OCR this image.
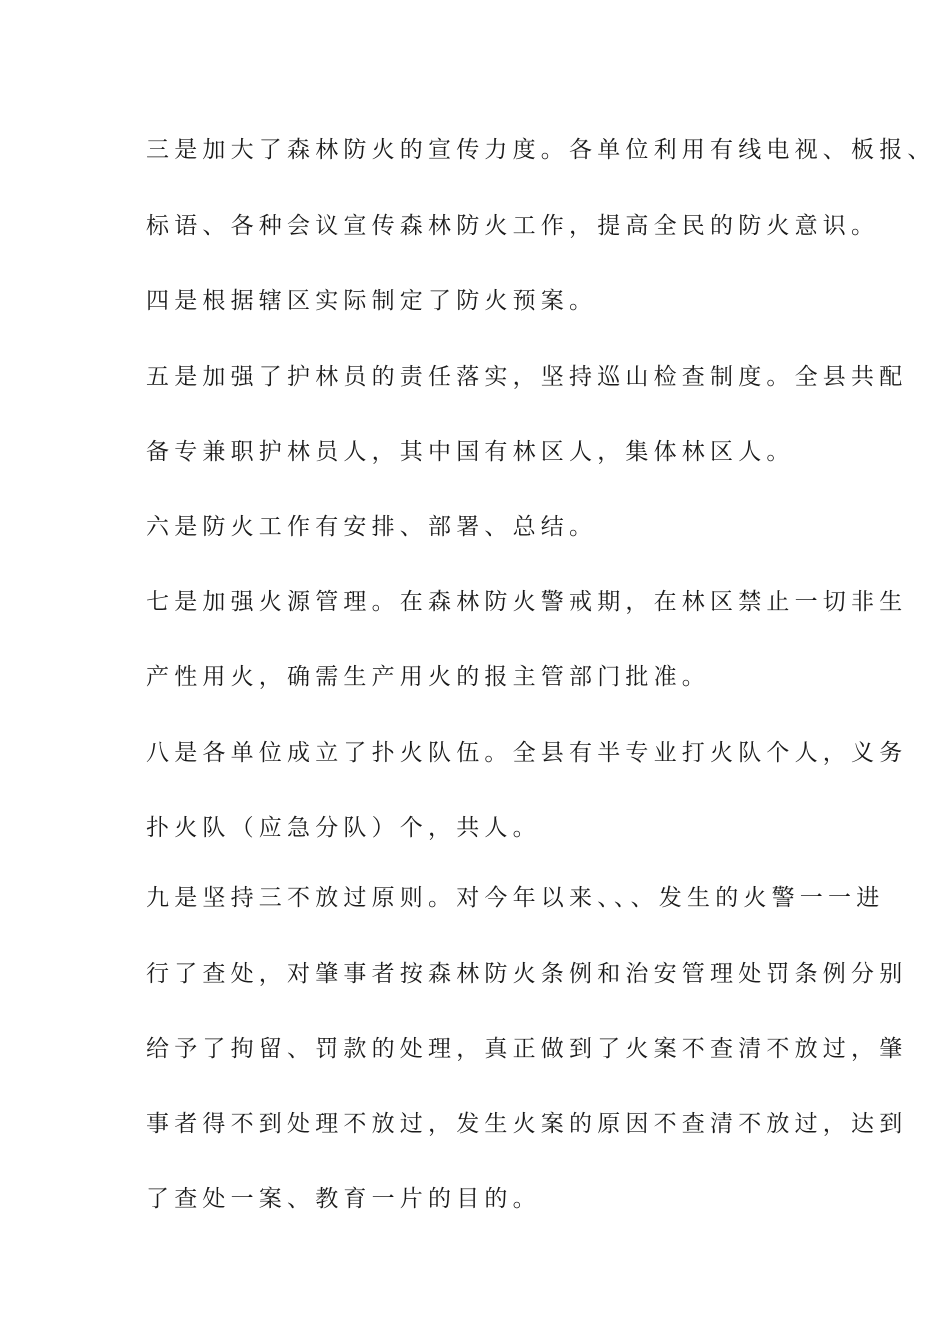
三是加大了森林防火的宣传力度。各单位利用有线电视、板报、
标语、各种会议宣传森林防火工作，提高全民的防火意识。
四是根据辖区实际制定了防火预案。
五是加强了护林员的责任落实，坚持巡山检查制度。全县共配
备专兼职护林员人，其中国有林区人，集体林区人。
六是防火工作有安排、部署、总结。
七是加强火源管理。在森林防火警戒期，在林区禁止一切非生
产性用火，确需生产用火的报主管部门批准。
八是各单位成立了扑火队伍。全县有半专业打火队个人，义务
扑火队（应急分队）个，共人。
九是坚持三不放过原则。对今年以来、、、发生的火警一一进
行了查处，对肇事者按森林防火条例和治安管理处罚条例分别
给予了拘留、罚款的处理，真正做到了火案不查清不放过，肇
事者得不到处理不放过，发生火案的原因不查清不放过，达到
了查处一案、教育一片的目的。
